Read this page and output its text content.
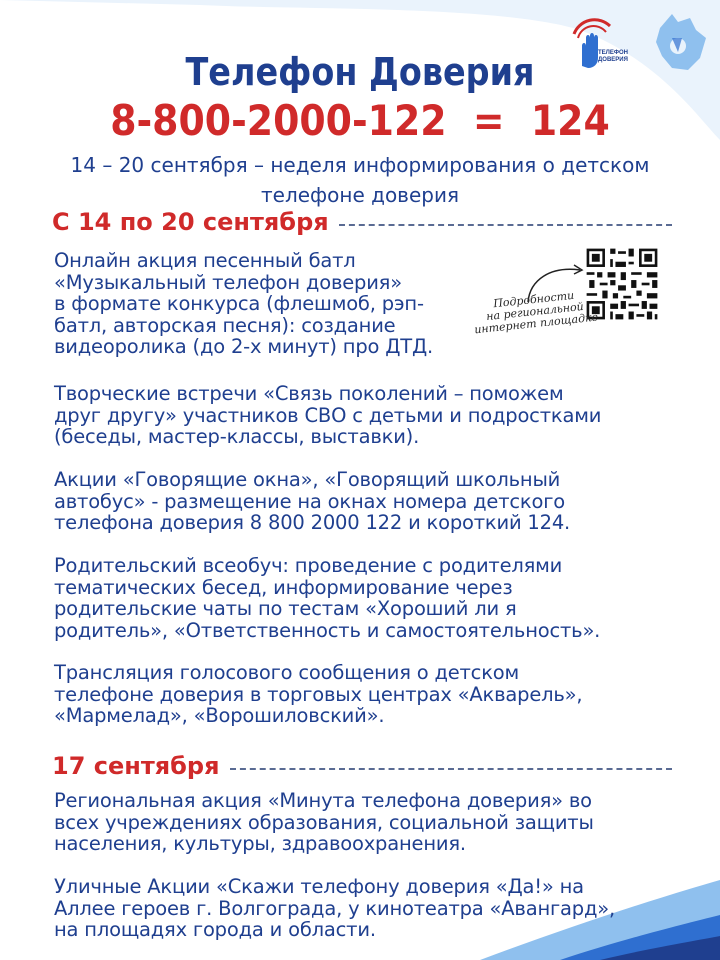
ТЕЛЕФОН
ДОВЕРИЯ
Телефон Доверия
8-800-2000-122  =  124
14 – 20 сентября – неделя информирования о детском телефоне доверия
С 14 по 20 сентября
Онлайн акция песенный батл
«Музыкальный телефон доверия»
в формате конкурса (флешмоб, рэп-
батл, авторская песня): создание
видеоролика (до 2-х минут) про ДТД.
Подробности
на региональной
интернет площадке
Творческие встречи «Связь поколений – поможем
друг другу» участников СВО с детьми и подростками
(беседы, мастер-классы, выставки).
Акции «Говорящие окна», «Говорящий школьный
автобус» - размещение на окнах номера детского
телефона доверия 8 800 2000 122 и короткий 124.
Родительский всеобуч: проведение с родителями
тематических бесед, информирование через
родительские чаты по тестам «Хороший ли я
родитель», «Ответственность и самостоятельность».
Трансляция голосового сообщения о детском
телефоне доверия в торговых центрах «Акварель»,
«Мармелад», «Ворошиловский».
17 сентября
Региональная акция «Минута телефона доверия» во
всех учреждениях образования, социальной защиты
населения, культуры, здравоохранения.
Уличные Акции «Скажи телефону доверия «Да!» на
Аллее героев г. Волгограда, у кинотеатра «Авангард»,
на площадях города и области.
